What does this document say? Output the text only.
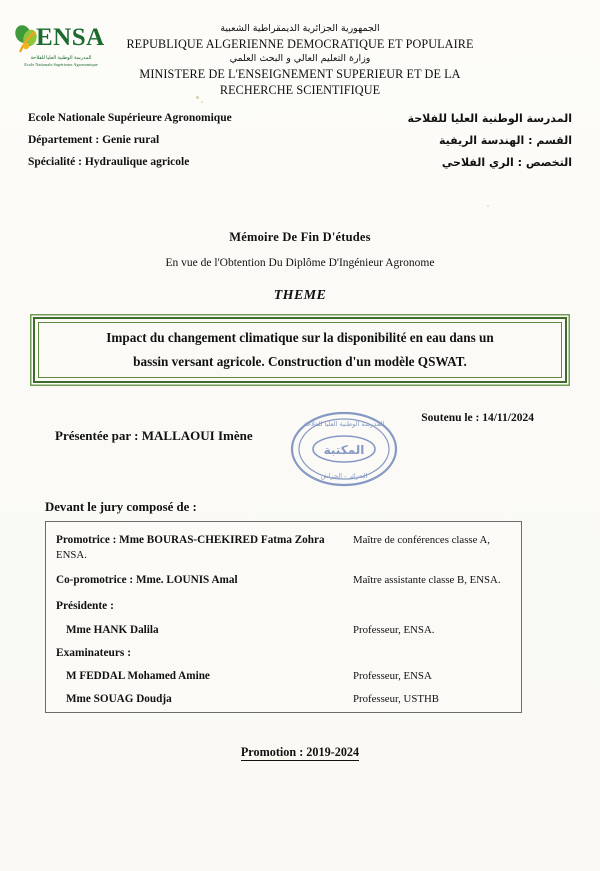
ENSA
المدرسة الوطنية العليا للفلاحة
Ecole Nationale Supérieure Agronomique
الجمهورية الجزائرية الديمقراطية الشعبية
REPUBLIQUE ALGERIENNE DEMOCRATIQUE ET POPULAIRE
وزارة التعليم العالي و البحث العلمي
MINISTERE DE L'ENSEIGNEMENT SUPERIEUR ET DE LA
RECHERCHE SCIENTIFIQUE
Ecole Nationale Supérieure Agronomique	المدرسة الوطنية العليا للفلاحة
Département : Genie rural	القسم : الهندسة الريفية
Spécialité : Hydraulique agricole	التخصص : الري الفلاحي
Mémoire De Fin D'études
En vue de l'Obtention Du Diplôme D'Ingénieur Agronome
THEME
Impact du changement climatique sur la disponibilité en eau dans un
bassin versant agricole. Construction d'un modèle QSWAT.
Présentée par : MALLAOUI Imène
Soutenu le : 14/11/2024
المكتبة
المدرسة الوطنية العليا للفلاحة
الجزائر - الحراش
Devant le jury composé de :
Promotrice : Mme BOURAS-CHEKIRED Fatma Zohra	Maître de conférences classe A,
ENSA.
Co-promotrice : Mme. LOUNIS Amal	Maître assistante classe B, ENSA.
Présidente :
Mme HANK Dalila	Professeur, ENSA.
Examinateurs :
M FEDDAL Mohamed Amine	Professeur, ENSA
Mme SOUAG Doudja	Professeur, USTHB
Promotion : 2019-2024
